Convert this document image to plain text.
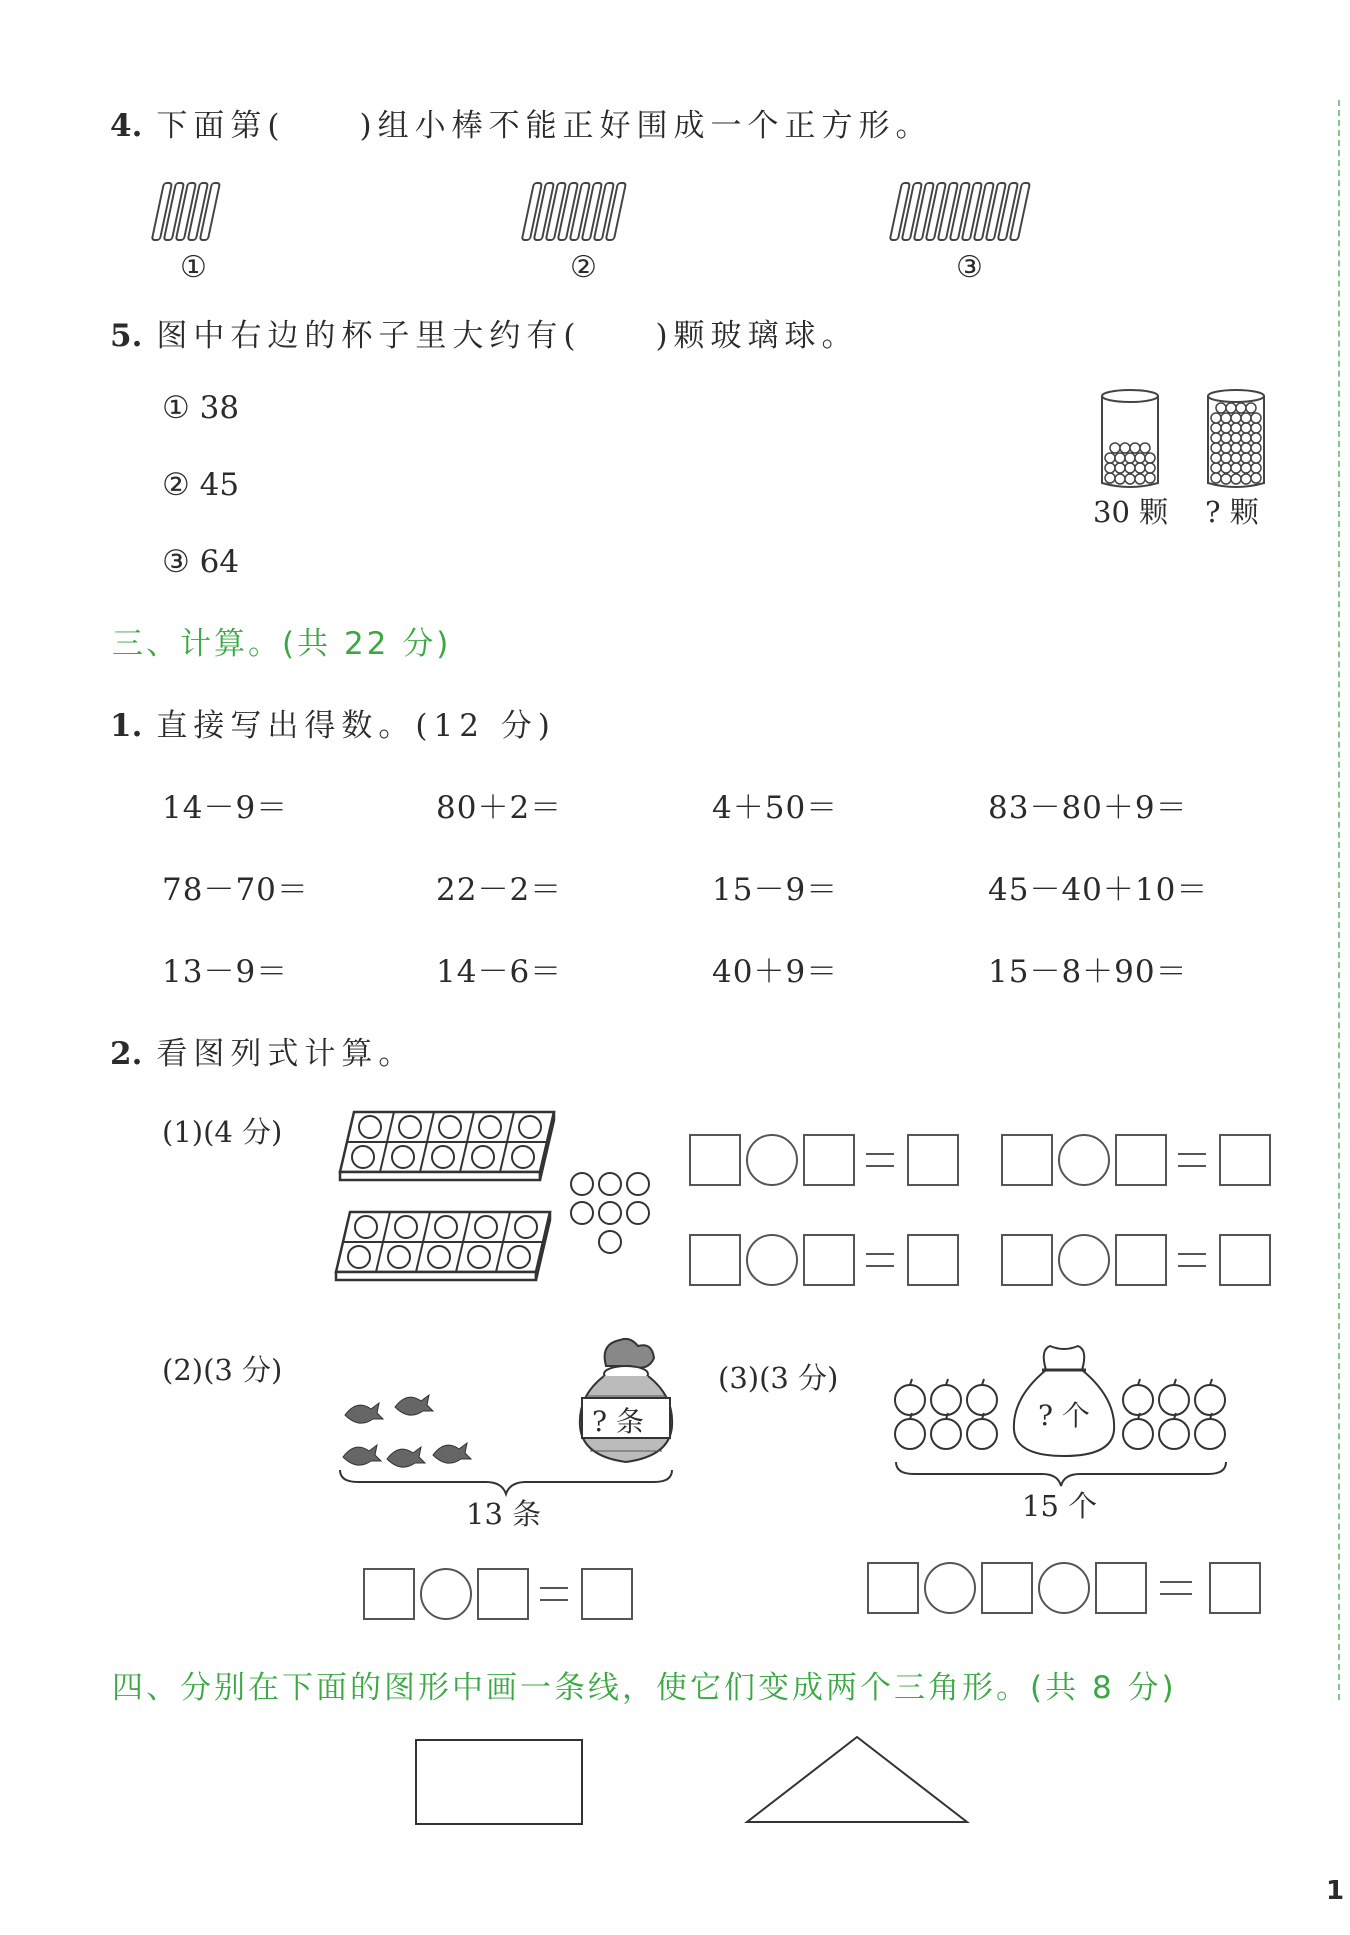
4. 下面第(　　)组小棒不能正好围成一个正方形。
①	②	③
5. 图中右边的杯子里大约有(　　)颗玻璃球。
① 38
② 45
③ 64
30 颗 ? 颗
三、计算。(共 22 分)
1. 直接写出得数。(12 分)
14－9＝	80＋2＝	4＋50＝	83－80＋9＝
78－70＝	22－2＝	15－9＝	45－40＋10＝
13－9＝	14－6＝	40＋9＝	15－8＋90＝
2. 看图列式计算。
(1)(4 分)
(2)(3 分)
? 条
13 条
(3)(3 分)
? 个
15 个
四、分别在下面的图形中画一条线，使它们变成两个三角形。(共 8 分)
1
